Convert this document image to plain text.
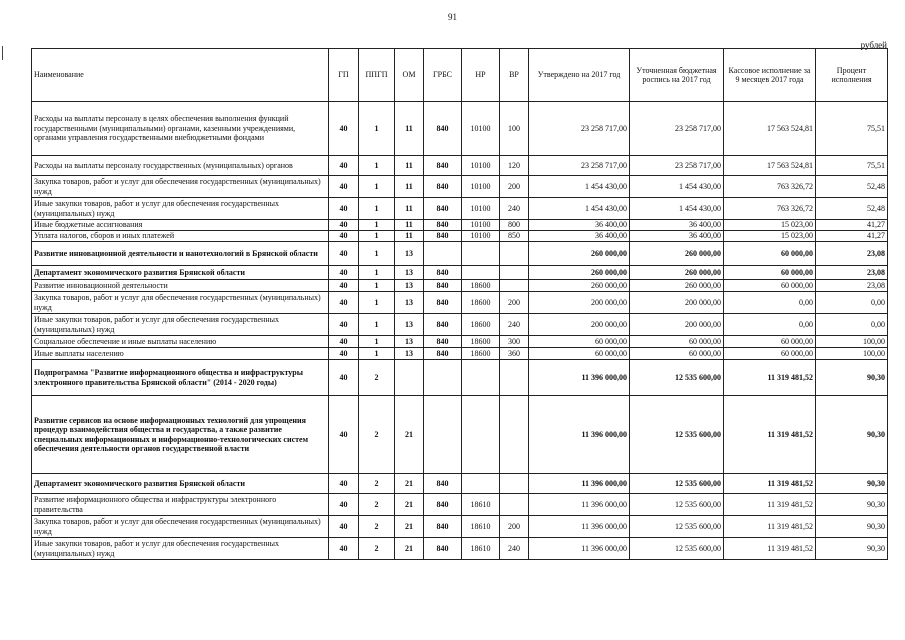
91
рублей
Наименование	ГП	ППГП	ОМ	ГРБС	НР	ВР	Утверждено на 2017 год	Уточненная бюджетная роспись на 2017 год	Кассовое исполнение за 9 месяцев 2017 года	Процент исполнения
Расходы на выплаты персоналу в целях обеспечения выполнения функций государственными (муниципальными) органами, казенными учреждениями, органами управления государственными внебюджетными фондами	40	1	11	840	10100	100	23 258 717,00	23 258 717,00	17 563 524,81	75,51
Расходы на выплаты персоналу государственных (муниципальных) органов	40	1	11	840	10100	120	23 258 717,00	23 258 717,00	17 563 524,81	75,51
Закупка товаров, работ и услуг для обеспечения государственных (муниципальных) нужд	40	1	11	840	10100	200	1 454 430,00	1 454 430,00	763 326,72	52,48
Иные закупки товаров, работ и услуг для обеспечения государственных (муниципальных) нужд	40	1	11	840	10100	240	1 454 430,00	1 454 430,00	763 326,72	52,48
Иные бюджетные ассигнования	40	1	11	840	10100	800	36 400,00	36 400,00	15 023,00	41,27
Уплата налогов, сборов и иных платежей	40	1	11	840	10100	850	36 400,00	36 400,00	15 023,00	41,27
Развитие инновационной деятельности и нанотехнологий в Брянской области	40	1	13				260 000,00	260 000,00	60 000,00	23,08
Департамент экономического развития Брянской области	40	1	13	840			260 000,00	260 000,00	60 000,00	23,08
Развитие инновационной деятельности	40	1	13	840	18600		260 000,00	260 000,00	60 000,00	23,08
Закупка товаров, работ и услуг для обеспечения государственных (муниципальных) нужд	40	1	13	840	18600	200	200 000,00	200 000,00	0,00	0,00
Иные закупки товаров, работ и услуг для обеспечения государственных (муниципальных) нужд	40	1	13	840	18600	240	200 000,00	200 000,00	0,00	0,00
Социальное обеспечение и иные выплаты населению	40	1	13	840	18600	300	60 000,00	60 000,00	60 000,00	100,00
Иные выплаты населению	40	1	13	840	18600	360	60 000,00	60 000,00	60 000,00	100,00
Подпрограмма "Развитие информационного общества и инфраструктуры электронного правительства Брянской области" (2014 - 2020 годы)	40	2					11 396 000,00	12 535 600,00	11 319 481,52	90,30
Развитие сервисов на основе информационных технологий для упрощения процедур взаимодействия общества и государства, а также развитие специальных информационных и информационно-технологических систем обеспечения деятельности органов государственной власти	40	2	21				11 396 000,00	12 535 600,00	11 319 481,52	90,30
Департамент экономического развития Брянской области	40	2	21	840			11 396 000,00	12 535 600,00	11 319 481,52	90,30
Развитие информационного общества и инфраструктуры электронного правительства	40	2	21	840	18610		11 396 000,00	12 535 600,00	11 319 481,52	90,30
Закупка товаров, работ и услуг для обеспечения государственных (муниципальных) нужд	40	2	21	840	18610	200	11 396 000,00	12 535 600,00	11 319 481,52	90,30
Иные закупки товаров, работ и услуг для обеспечения государственных (муниципальных) нужд	40	2	21	840	18610	240	11 396 000,00	12 535 600,00	11 319 481,52	90,30
